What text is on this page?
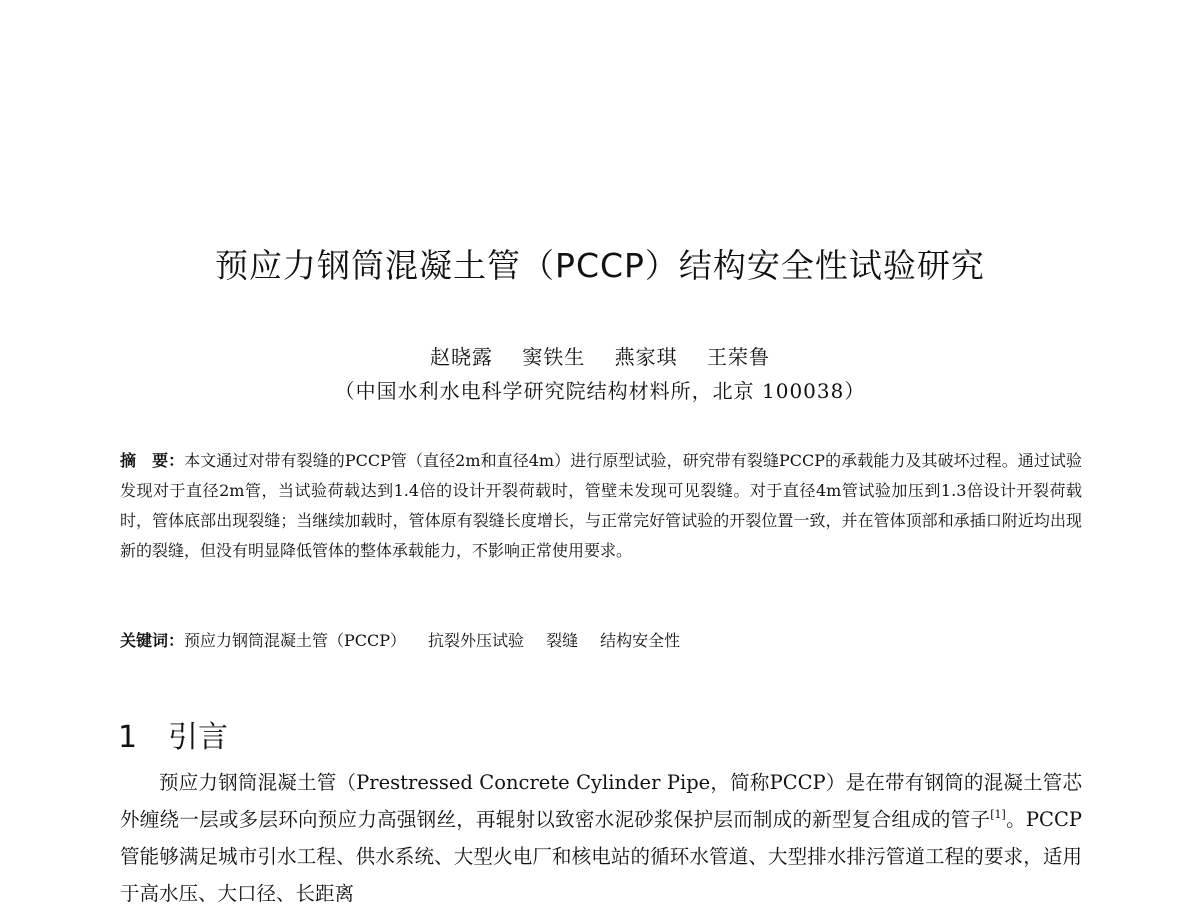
预应力钢筒混凝土管（PCCP）结构安全性试验研究
赵晓露 窦铁生 燕家琪 王荣鲁
（中国水利水电科学研究院结构材料所，北京 100038）
摘　要：本文通过对带有裂缝的PCCP管（直径2m和直径4m）进行原型试验，研究带有裂缝PCCP的承载能力及其破坏过程。通过试验发现对于直径2m管，当试验荷载达到1.4倍的设计开裂荷载时，管壁未发现可见裂缝。对于直径4m管试验加压到1.3倍设计开裂荷载时，管体底部出现裂缝；当继续加载时，管体原有裂缝长度增长，与正常完好管试验的开裂位置一致，并在管体顶部和承插口附近均出现新的裂缝，但没有明显降低管体的整体承载能力，不影响正常使用要求。
关键词：预应力钢筒混凝土管（PCCP） 抗裂外压试验 裂缝 结构安全性
1 引言
预应力钢筒混凝土管（Prestressed Concrete Cylinder Pipe，简称PCCP）是在带有钢筒的混凝土管芯外缠绕一层或多层环向预应力高强钢丝，再辊射以致密水泥砂浆保护层而制成的新型复合组成的管子[1]。PCCP管能够满足城市引水工程、供水系统、大型火电厂和核电站的循环水管道、大型排水排污管道工程的要求，适用于高水压、大口径、长距离
